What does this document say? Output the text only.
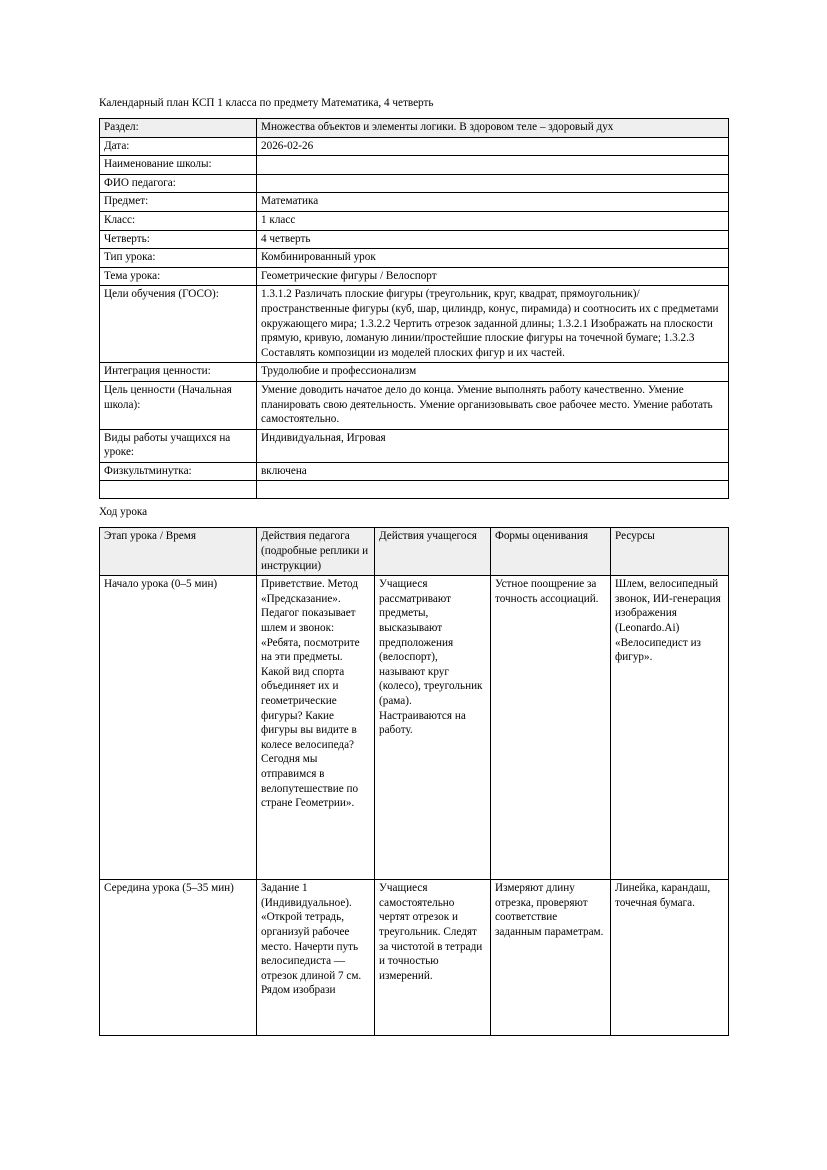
Календарный план КСП 1 класса по предмету Математика, 4 четверть
Раздел:	Множества объектов и элементы логики. В здоровом теле – здоровый дух
Дата:	2026-02-26
Наименование школы:	
ФИО педагога:	
Предмет:	Математика
Класс:	1 класс
Четверть:	4 четверть
Тип урока:	Комбинированный урок
Тема урока:	Геометрические фигуры / Велоспорт
Цели обучения (ГОСО):	1.3.1.2 Различать плоские фигуры (треугольник, круг, квадрат, прямоугольник)/ пространственные фигуры (куб, шар, цилиндр, конус, пирамида) и соотносить их с предметами окружающего мира; 1.3.2.2 Чертить отрезок заданной длины; 1.3.2.1 Изображать на плоскости прямую, кривую, ломаную линии/простейшие плоские фигуры на точечной бумаге; 1.3.2.3 Составлять композиции из моделей плоских фигур и их частей.
Интеграция ценности:	Трудолюбие и профессионализм
Цель ценности (Начальная школа):	Умение доводить начатое дело до конца. Умение выполнять работу качественно. Умение планировать свою деятельность. Умение организовывать свое рабочее место. Умение работать самостоятельно.
Виды работы учащихся на уроке:	Индивидуальная, Игровая
Физкультминутка:	включена

Ход урока
Этап урока / Время	Действия педагога (подробные реплики и инструкции)	Действия учащегося	Формы оценивания	Ресурсы
Начало урока (0–5 мин)	Приветствие. Метод «Предсказание». Педагог показывает шлем и звонок: «Ребята, посмотрите на эти предметы. Какой вид спорта объединяет их и геометрические фигуры? Какие фигуры вы видите в колесе велосипеда? Сегодня мы отправимся в велопутешествие по стране Геометрии».	Учащиеся рассматривают предметы, высказывают предположения (велоспорт), называют круг (колесо), треугольник (рама). Настраиваются на работу.	Устное поощрение за точность ассоциаций.	Шлем, велосипедный звонок, ИИ-генерация изображения (Leonardo.Ai) «Велосипедист из фигур».
Середина урока (5–35 мин)	Задание 1 (Индивидуальное). «Открой тетрадь, организуй рабочее место. Начерти путь велосипедиста — отрезок длиной 7 см. Рядом изобрази	Учащиеся самостоятельно чертят отрезок и треугольник. Следят за чистотой в тетради и точностью измерений.	Измеряют длину отрезка, проверяют соответствие заданным параметрам.	Линейка, карандаш, точечная бумага.
